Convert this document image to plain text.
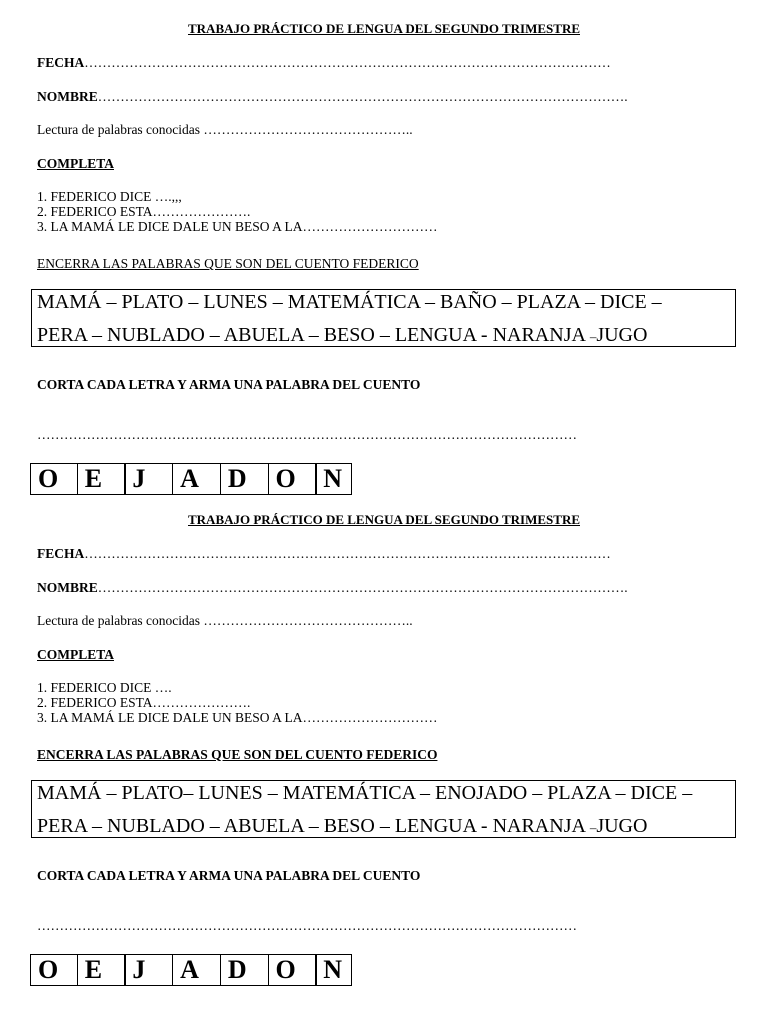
TRABAJO PRÁCTICO DE LENGUA DEL SEGUNDO TRIMESTRE
FECHA………………………………………………………………………………………………………
NOMBRE……………………………………………………………………………………………………….
Lectura de palabras conocidas ………………………………………..
COMPLETA
1. FEDERICO DICE ….,,,
2. FEDERICO ESTA………………….
3. LA MAMÁ LE DICE DALE UN BESO A LA…………………………
ENCERRA LAS PALABRAS QUE SON DEL CUENTO FEDERICO
MAMÁ – PLATO – LUNES – MATEMÁTICA – BAÑO – PLAZA – DICE –
PERA – NUBLADO – ABUELA – BESO – LENGUA - NARANJA –JUGO
CORTA CADA LETRA Y ARMA UNA PALABRA DEL CUENTO
…………………………………………………………………………………………………………
O	E	J	A	D	O	N
TRABAJO PRÁCTICO DE LENGUA DEL SEGUNDO TRIMESTRE
FECHA………………………………………………………………………………………………………
NOMBRE……………………………………………………………………………………………………….
Lectura de palabras conocidas ………………………………………..
COMPLETA
1. FEDERICO DICE ….
2. FEDERICO ESTA………………….
3. LA MAMÁ LE DICE DALE UN BESO A LA…………………………
ENCERRA LAS PALABRAS QUE SON DEL CUENTO FEDERICO
MAMÁ – PLATO– LUNES – MATEMÁTICA – ENOJADO – PLAZA – DICE –
PERA – NUBLADO – ABUELA – BESO – LENGUA - NARANJA –JUGO
CORTA CADA LETRA Y ARMA UNA PALABRA DEL CUENTO
…………………………………………………………………………………………………………
O	E	J	A	D	O	N
